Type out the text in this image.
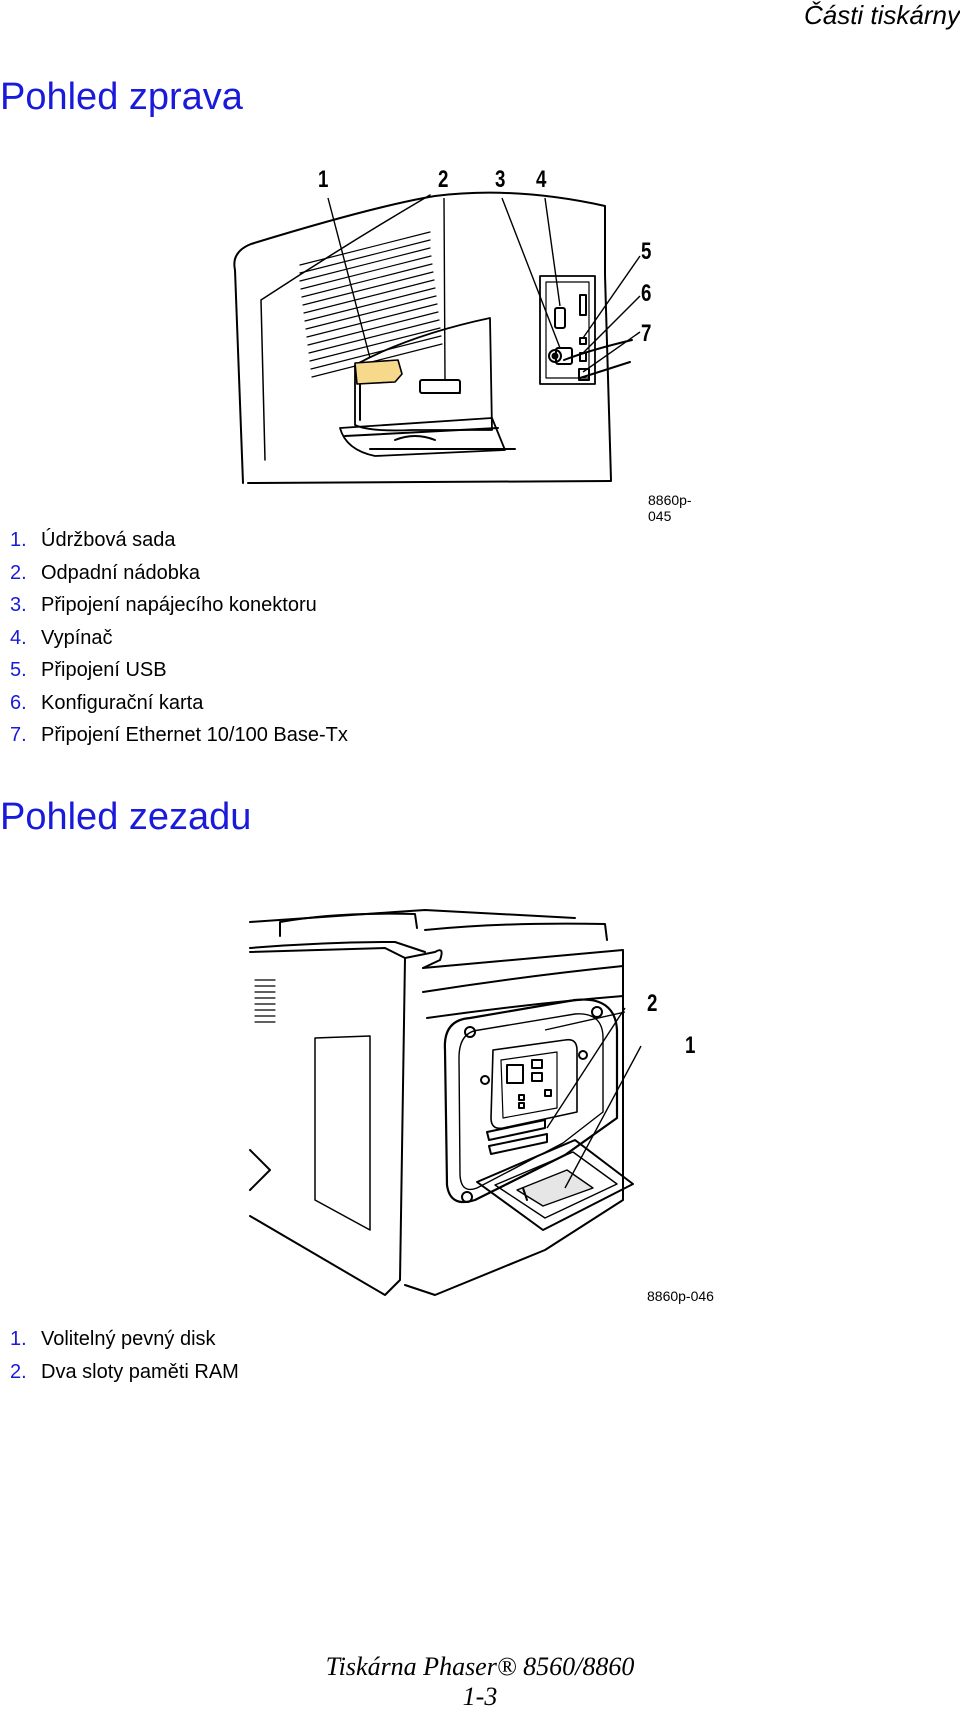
Části tiskárny
Pohled zprava
1	2 3 4
5
6
7
8860p-045
1. Údržbová sada
2. Odpadní nádobka
3. Připojení napájecího konektoru
4. Vypínač
5. Připojení USB
6. Konfigurační karta
7. Připojení Ethernet 10/100 Base-Tx
Pohled zezadu
2
1
8860p-046
1. Volitelný pevný disk
2. Dva sloty paměti RAM
Tiskárna Phaser® 8560/8860
1-3
